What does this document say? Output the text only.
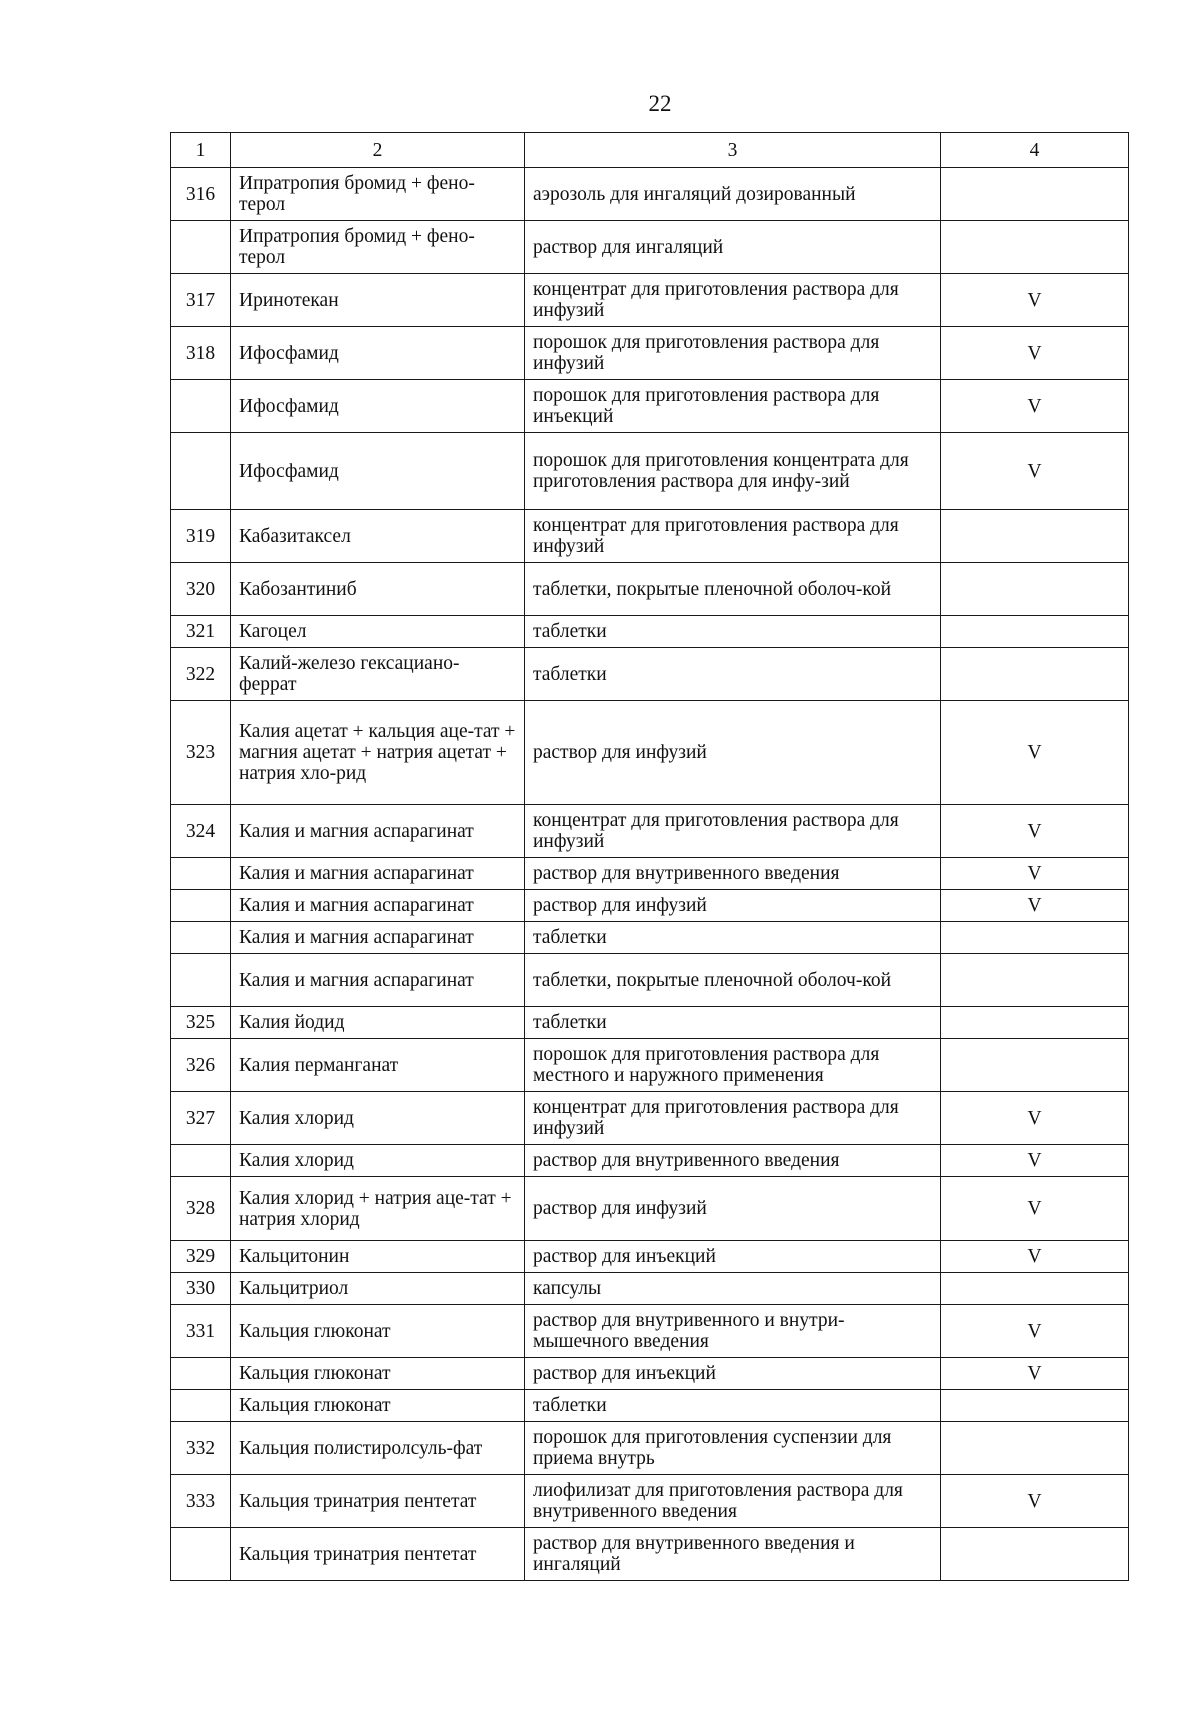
22
1	2	3	4
316	Ипратропия бромид + фено-терол	аэрозоль для ингаляций дозированный	
	Ипратропия бромид + фено-терол	раствор для ингаляций	
317	Иринотекан	концентрат для приготовления раствора для инфузий	V
318	Ифосфамид	порошок для приготовления раствора для инфузий	V
	Ифосфамид	порошок для приготовления раствора для инъекций	V
	Ифосфамид	порошок для приготовления концентрата для приготовления раствора для инфу-зий	V
319	Кабазитаксел	концентрат для приготовления раствора для инфузий	
320	Кабозантиниб	таблетки, покрытые пленочной оболоч-кой	
321	Кагоцел	таблетки	
322	Калий-железо гексациано-феррат	таблетки	
323	Калия ацетат + кальция аце-тат + магния ацетат + натрия ацетат + натрия хло-рид	раствор для инфузий	V
324	Калия и магния аспарагинат	концентрат для приготовления раствора для инфузий	V
	Калия и магния аспарагинат	раствор для внутривенного введения	V
	Калия и магния аспарагинат	раствор для инфузий	V
	Калия и магния аспарагинат	таблетки	
	Калия и магния аспарагинат	таблетки, покрытые пленочной оболоч-кой	
325	Калия йодид	таблетки	
326	Калия перманганат	порошок для приготовления раствора для местного и наружного применения	
327	Калия хлорид	концентрат для приготовления раствора для инфузий	V
	Калия хлорид	раствор для внутривенного введения	V
328	Калия хлорид + натрия аце-тат + натрия хлорид	раствор для инфузий	V
329	Кальцитонин	раствор для инъекций	V
330	Кальцитриол	капсулы	
331	Кальция глюконат	раствор для внутривенного и внутри-мышечного введения	V
	Кальция глюконат	раствор для инъекций	V
	Кальция глюконат	таблетки	
332	Кальция полистиролсуль-фат	порошок для приготовления суспензии для приема внутрь	
333	Кальция тринатрия пентетат	лиофилизат для приготовления раствора для внутривенного введения	V
	Кальция тринатрия пентетат	раствор для внутривенного введения и ингаляций	
